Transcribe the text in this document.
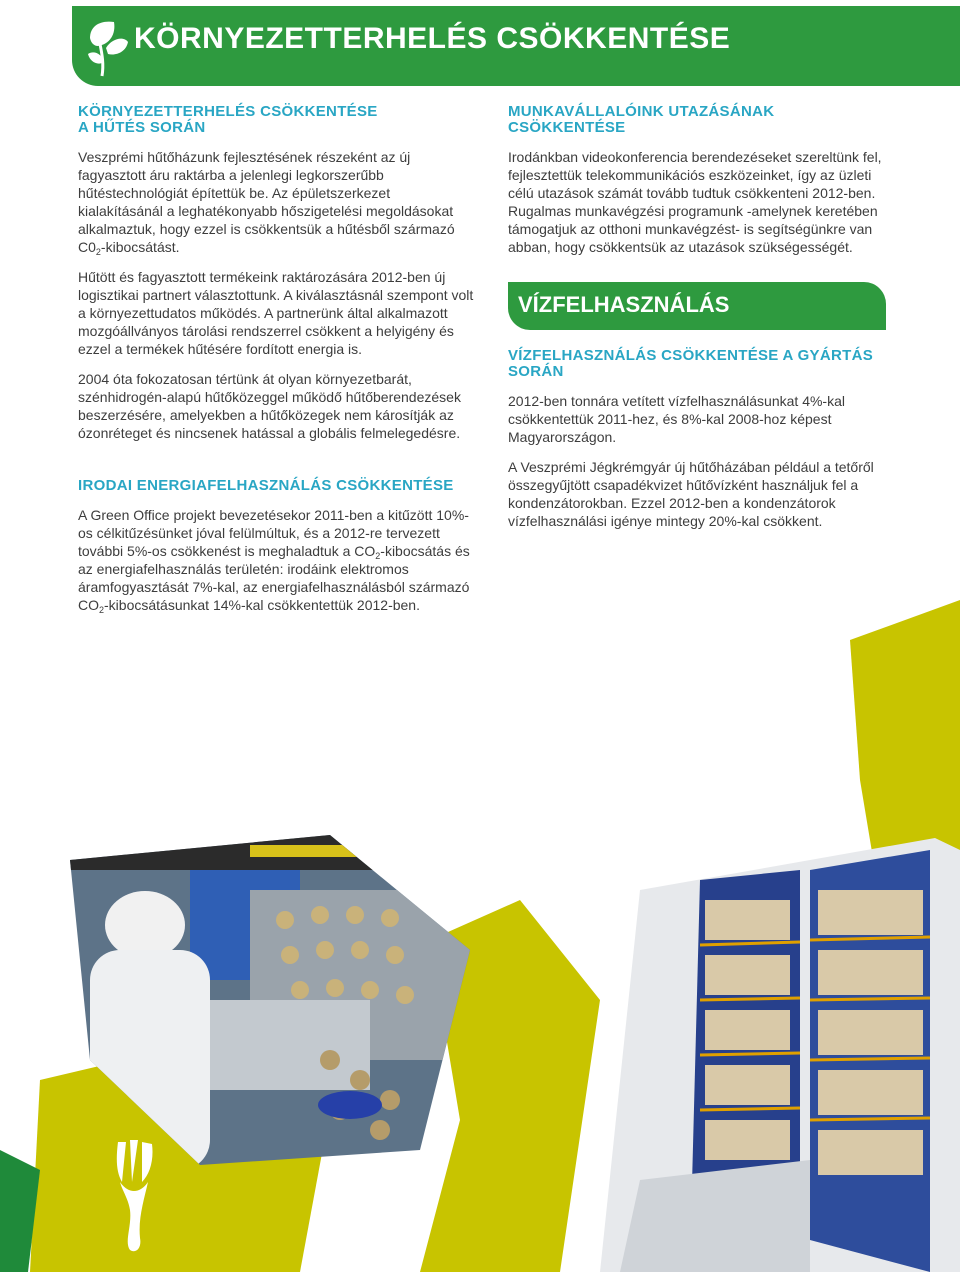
KÖRNYEZETTERHELÉS CSÖKKENTÉSE
KÖRNYEZETTERHELÉS CSÖKKENTÉSE
A HŰTÉS SORÁN

Veszprémi hűtőházunk fejlesztésének részeként az új fagyasztott áru raktárba a jelenlegi legkorszerűbb hűtéstechnológiát építettük be. Az épületszerkezet kialakításánál a leghatékonyabb hőszigetelési megoldásokat alkalmaztuk, hogy ezzel is csökkentsük a hűtésből származó $C0_2$-kibocsátást.

Hűtött és fagyasztott termékeink raktározására 2012-ben új logisztikai partnert választottunk. A kiválasztásnál szempont volt a környezettudatos működés. A partnerünk által alkalmazott mozgóállványos tárolási rendszerrel csökkent a helyigény és ezzel a termékek hűtésére fordított energia is.

2004 óta fokozatosan tértünk át olyan környezetbarát, szénhidrogén-alapú hűtőközeggel működő hűtőberendezések beszerzésére, amelyekben a hűtőközegek nem károsítják az ózonréteget és nincsenek hatással a globális felmelegedésre.

IRODAI ENERGIAFELHASZNÁLÁS CSÖKKENTÉSE

A Green Office projekt bevezetésekor 2011-ben a kitűzött 10%-os célkitűzésünket jóval felülmúltuk, és a 2012-re tervezett további 5%-os csökkenést is meghaladtuk a $CO_2$-kibocsátás és az energiafelhasználás területén: irodáink elektromos áramfogyasztását 7%-kal, az energiafelhasználásból származó $CO_2$-kibocsátásunkat 14%-kal csökkentettük 2012-ben.

MUNKAVÁLLALÓINK UTAZÁSÁNAK CSÖKKENTÉSE

Irodánkban videokonferencia berendezéseket szereltünk fel, fejlesztettük telekommunikációs eszközeinket, így az üzleti célú utazások számát tovább tudtuk csökkenteni 2012-ben. Rugalmas munkavégzési programunk -amelynek keretében támogatjuk az otthoni munkavégzést- is segítségünkre van abban, hogy csökkentsük az utazások szükségességét.

VÍZFELHASZNÁLÁS
VÍZFELHASZNÁLÁS CSÖKKENTÉSE A GYÁRTÁS
SORÁN

2012-ben tonnára vetített vízfelhasználásunkat 4%-kal csökkentettük 2011-hez, és 8%-kal 2008-hoz képest Magyarországon.

A Veszprémi Jégkrémgyár új hűtőházában például a tetőről összegyűjtött csapadékvizet hűtővízként használjuk fel a kondenzátorokban. Ezzel 2012-ben a kondenzátorok vízfelhasználási igénye mintegy 20%-kal csökkent.
